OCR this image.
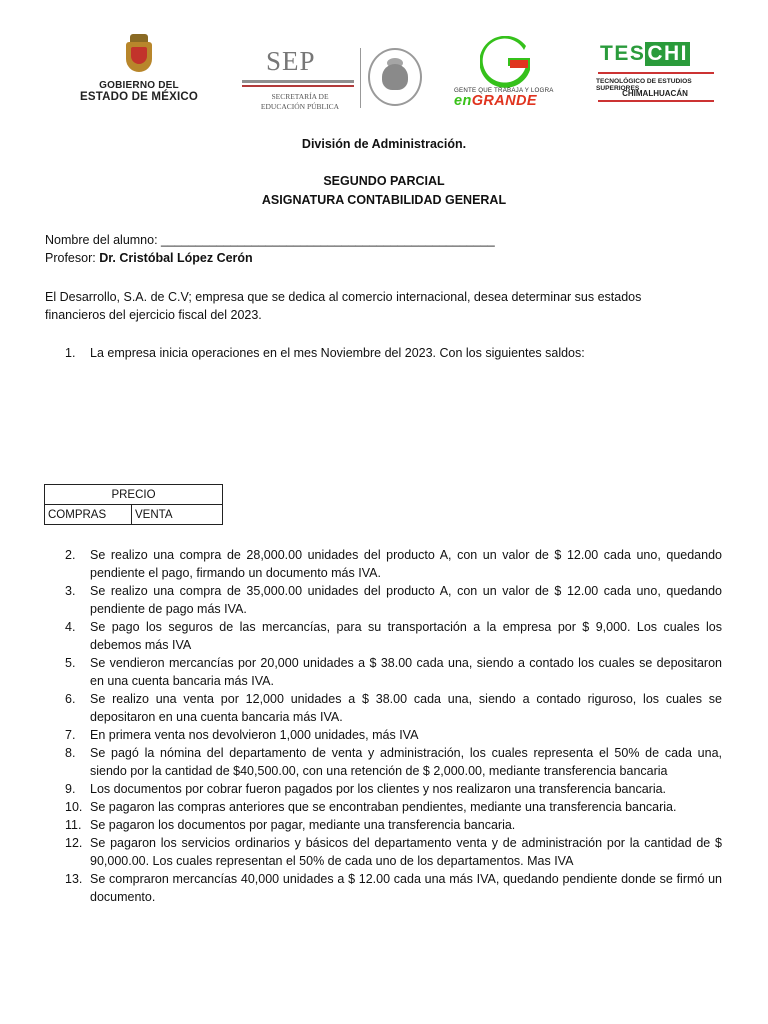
GOBIERNO DEL
ESTADO DE MÉXICO
SEP
SECRETARÍA DE
EDUCACIÓN PÚBLICA
GENTE QUE TRABAJA Y LOGRA
enGRANDE
TESCHI
TECNOLÓGICO DE ESTUDIOS SUPERIORES
CHIMALHUACÁN
División de Administración.
SEGUNDO PARCIAL
ASIGNATURA CONTABILIDAD GENERAL
Nombre del alumno: ________________________________________________
Profesor: Dr. Cristóbal López Cerón
El Desarrollo, S.A. de C.V; empresa que se dedica al comercio internacional, desea determinar sus estados
financieros del ejercicio fiscal del 2023.
1.	La empresa inicia operaciones en el mes Noviembre del 2023. Con los siguientes saldos:
PRECIO
COMPRAS	VENTA
2.	Se realizo una compra de 28,000.00 unidades del producto A, con un valor de $ 12.00 cada uno, quedando pendiente el pago, firmando un documento más IVA.
3.	Se realizo una compra de 35,000.00 unidades del producto A, con un valor de $ 12.00 cada uno, quedando pendiente de pago más IVA.
4.	Se pago los seguros de las mercancías, para su transportación a la empresa por $ 9,000. Los cuales los debemos más IVA
5.	Se vendieron mercancías por 20,000 unidades a $ 38.00 cada una, siendo a contado los cuales se depositaron en una cuenta bancaria más IVA.
6.	Se realizo una venta por 12,000 unidades a $ 38.00 cada una, siendo a contado riguroso, los cuales se depositaron en una cuenta bancaria más IVA.
7.	En primera venta nos devolvieron 1,000 unidades, más IVA
8.	Se pagó la nómina del departamento de venta y administración, los cuales representa el 50% de cada una, siendo por la cantidad de $40,500.00, con una retención de $ 2,000.00, mediante transferencia bancaria
9.	Los documentos por cobrar fueron pagados por los clientes y nos realizaron una transferencia bancaria.
10. Se pagaron las compras anteriores que se encontraban pendientes, mediante una transferencia bancaria.
11. Se pagaron los documentos por pagar, mediante una transferencia bancaria.
12. Se pagaron los servicios ordinarios y básicos del departamento venta y de administración por la cantidad de $ 90,000.00. Los cuales representan el 50% de cada uno de los departamentos. Mas IVA
13. Se compraron mercancías 40,000 unidades a $ 12.00 cada una más IVA, quedando pendiente donde se firmó un documento.
